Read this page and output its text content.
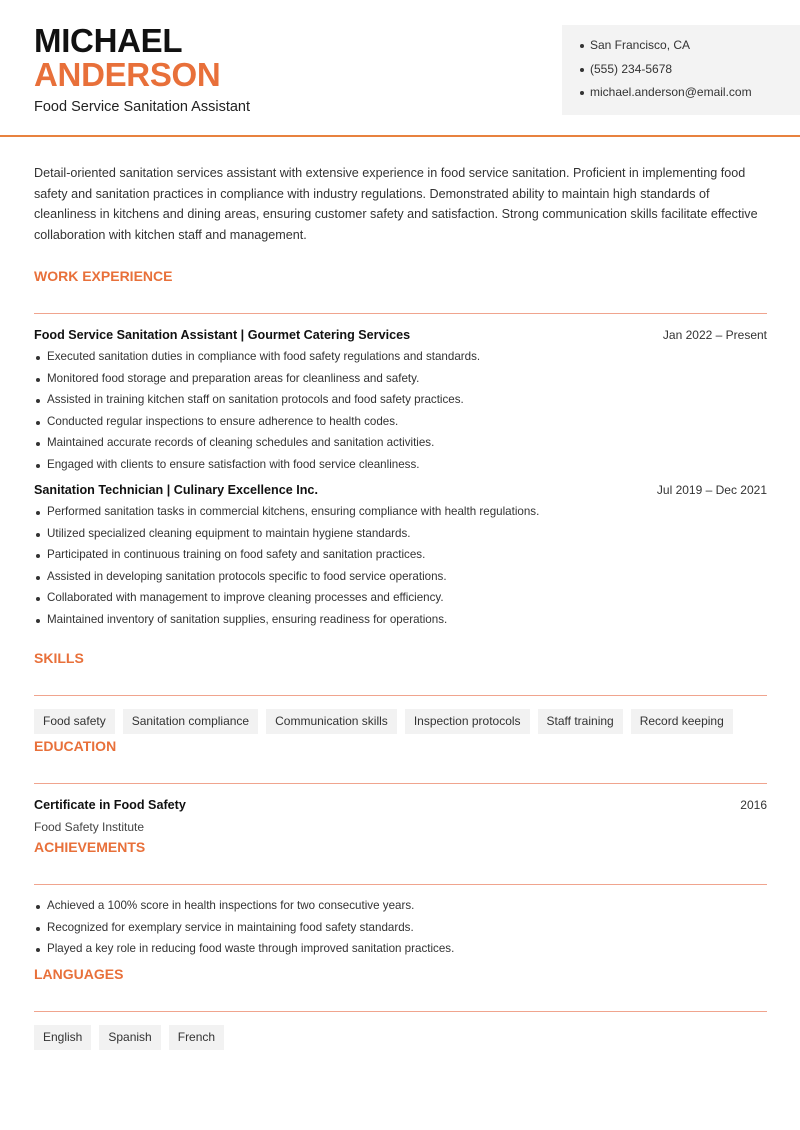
MICHAEL
ANDERSON
Food Service Sanitation Assistant
San Francisco, CA
(555) 234-5678
michael.anderson@email.com

Detail-oriented sanitation services assistant with extensive experience in food service sanitation. Proficient in implementing food safety and sanitation practices in compliance with industry regulations. Demonstrated ability to maintain high standards of cleanliness in kitchens and dining areas, ensuring customer safety and satisfaction. Strong communication skills facilitate effective collaboration with kitchen staff and management.

WORK EXPERIENCE
Food Service Sanitation Assistant | Gourmet Catering Services	Jan 2022 – Present
Executed sanitation duties in compliance with food safety regulations and standards.
Monitored food storage and preparation areas for cleanliness and safety.
Assisted in training kitchen staff on sanitation protocols and food safety practices.
Conducted regular inspections to ensure adherence to health codes.
Maintained accurate records of cleaning schedules and sanitation activities.
Engaged with clients to ensure satisfaction with food service cleanliness.
Sanitation Technician | Culinary Excellence Inc.	Jul 2019 – Dec 2021
Performed sanitation tasks in commercial kitchens, ensuring compliance with health regulations.
Utilized specialized cleaning equipment to maintain hygiene standards.
Participated in continuous training on food safety and sanitation practices.
Assisted in developing sanitation protocols specific to food service operations.
Collaborated with management to improve cleaning processes and efficiency.
Maintained inventory of sanitation supplies, ensuring readiness for operations.
SKILLS
Food safety	Sanitation compliance	Communication skills	Inspection protocols	Staff training	Record keeping
EDUCATION
Certificate in Food Safety	2016
Food Safety Institute
ACHIEVEMENTS
Achieved a 100% score in health inspections for two consecutive years.
Recognized for exemplary service in maintaining food safety standards.
Played a key role in reducing food waste through improved sanitation practices.
LANGUAGES
English	Spanish	French
